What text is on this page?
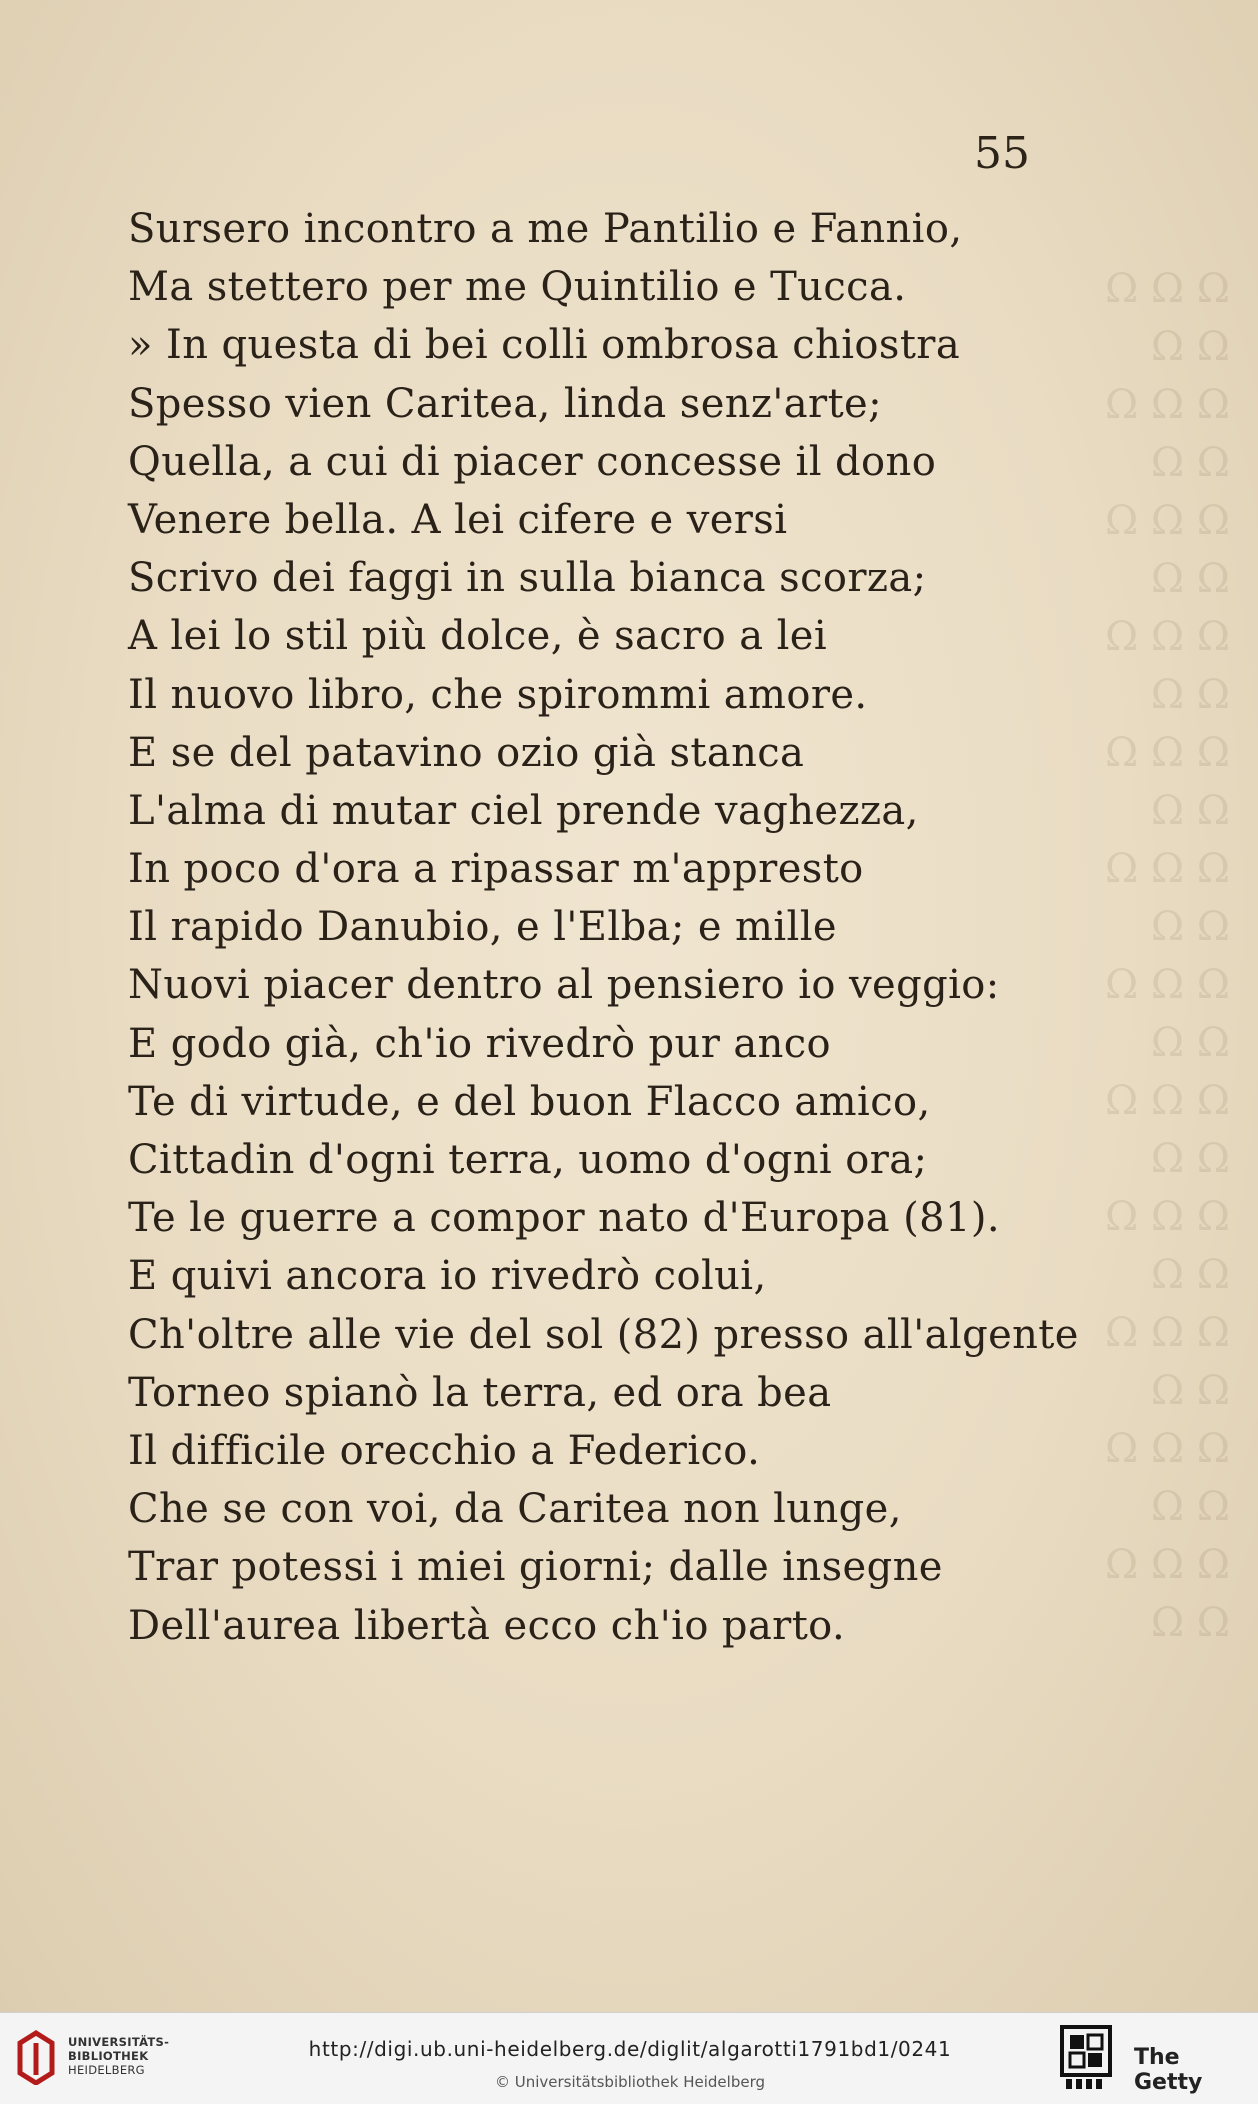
Ω Ω Ω
Ω Ω
Ω Ω Ω
Ω Ω
Ω Ω Ω
Ω Ω
Ω Ω Ω
Ω Ω
Ω Ω Ω
Ω Ω
Ω Ω Ω
Ω Ω
Ω Ω Ω
Ω Ω
Ω Ω Ω
Ω Ω
Ω Ω Ω
Ω Ω
Ω Ω Ω
Ω Ω
Ω Ω Ω
Ω Ω
Ω Ω Ω
Ω Ω
55
Sursero incontro a me Pantilio e Fannio,
Ma stettero per me Quintilio e Tucca.
» In questa di bei colli ombrosa chiostra
Spesso vien Caritea, linda senz'arte;
Quella, a cui di piacer concesse il dono
Venere bella. A lei cifere e versi
Scrivo dei faggi in sulla bianca scorza;
A lei lo stil più dolce, è sacro a lei
Il nuovo libro, che spirommi amore.
E se del patavino ozio già stanca
L'alma di mutar ciel prende vaghezza,
In poco d'ora a ripassar m'appresto
Il rapido Danubio, e l'Elba; e mille
Nuovi piacer dentro al pensiero io veggio:
E godo già, ch'io rivedrò pur anco
Te di virtude, e del buon Flacco amico,
Cittadin d'ogni terra, uomo d'ogni ora;
Te le guerre a compor nato d'Europa (81).
E quivi ancora io rivedrò colui,
Ch'oltre alle vie del sol (82) presso all'algente
Torneo spianò la terra, ed ora bea
Il difficile orecchio a Federico.
Che se con voi, da Caritea non lunge,
Trar potessi i miei giorni; dalle insegne
Dell'aurea libertà ecco ch'io parto.
UNIVERSITÄTS-
BIBLIOTHEK
HEIDELBERG
http://digi.ub.uni-heidelberg.de/diglit/algarotti1791bd1/0241
© Universitätsbibliothek Heidelberg
The Getty
